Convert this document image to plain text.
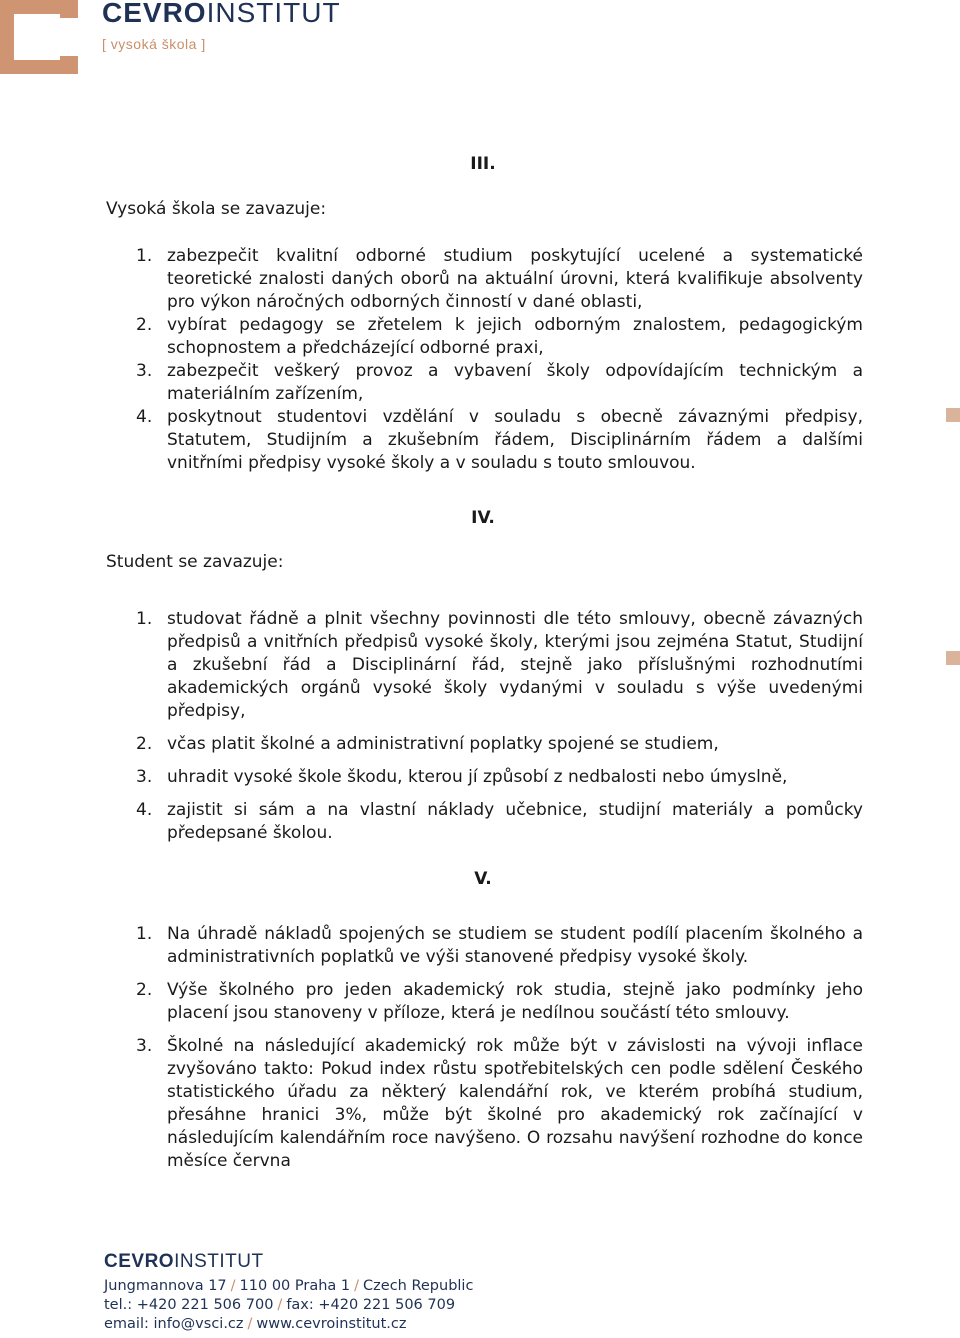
CEVROINSTITUT
[ vysoká škola ]
III.
Vysoká škola se zavazuje:
1. zabezpečit kvalitní odborné studium poskytující ucelené a systematické teoretické znalosti daných oborů na aktuální úrovni, která kvalifikuje absolventy pro výkon náročných odborných činností v dané oblasti,
2. vybírat pedagogy se zřetelem k jejich odborným znalostem, pedagogickým schopnostem a předcházející odborné praxi,
3. zabezpečit veškerý provoz a vybavení školy odpovídajícím technickým a materiálním zařízením,
4. poskytnout studentovi vzdělání v souladu s obecně závaznými předpisy, Statutem, Studijním a zkušebním řádem, Disciplinárním řádem a dalšími vnitřními předpisy vysoké školy a v souladu s touto smlouvou.
IV.
Student se zavazuje:
1. studovat řádně a plnit všechny povinnosti dle této smlouvy, obecně závazných předpisů a vnitřních předpisů vysoké školy, kterými jsou zejména Statut, Studijní a zkušební řád a Disciplinární řád, stejně jako příslušnými rozhodnutími akademických orgánů vysoké školy vydanými v souladu s výše uvedenými předpisy,
2. včas platit školné a administrativní poplatky spojené se studiem,
3. uhradit vysoké škole škodu, kterou jí způsobí z nedbalosti nebo úmyslně,
4. zajistit si sám a na vlastní náklady učebnice, studijní materiály a pomůcky předepsané školou.
V.
1. Na úhradě nákladů spojených se studiem se student podílí placením školného a administrativních poplatků ve výši stanovené předpisy vysoké školy.
2. Výše školného pro jeden akademický rok studia, stejně jako podmínky jeho placení jsou stanoveny v příloze, která je nedílnou součástí této smlouvy.
3. Školné na následující akademický rok může být v závislosti na vývoji inflace zvyšováno takto: Pokud index růstu spotřebitelských cen podle sdělení Českého statistického úřadu za některý kalendářní rok, ve kterém probíhá studium, přesáhne hranici 3%, může být školné pro akademický rok začínající v následujícím kalendářním roce navýšeno. O rozsahu navýšení rozhodne do konce měsíce června
CEVROINSTITUT
Jungmannova 17 / 110 00 Praha 1 / Czech Republic
tel.: +420 221 506 700 / fax: +420 221 506 709
email: info@vsci.cz / www.cevroinstitut.cz
